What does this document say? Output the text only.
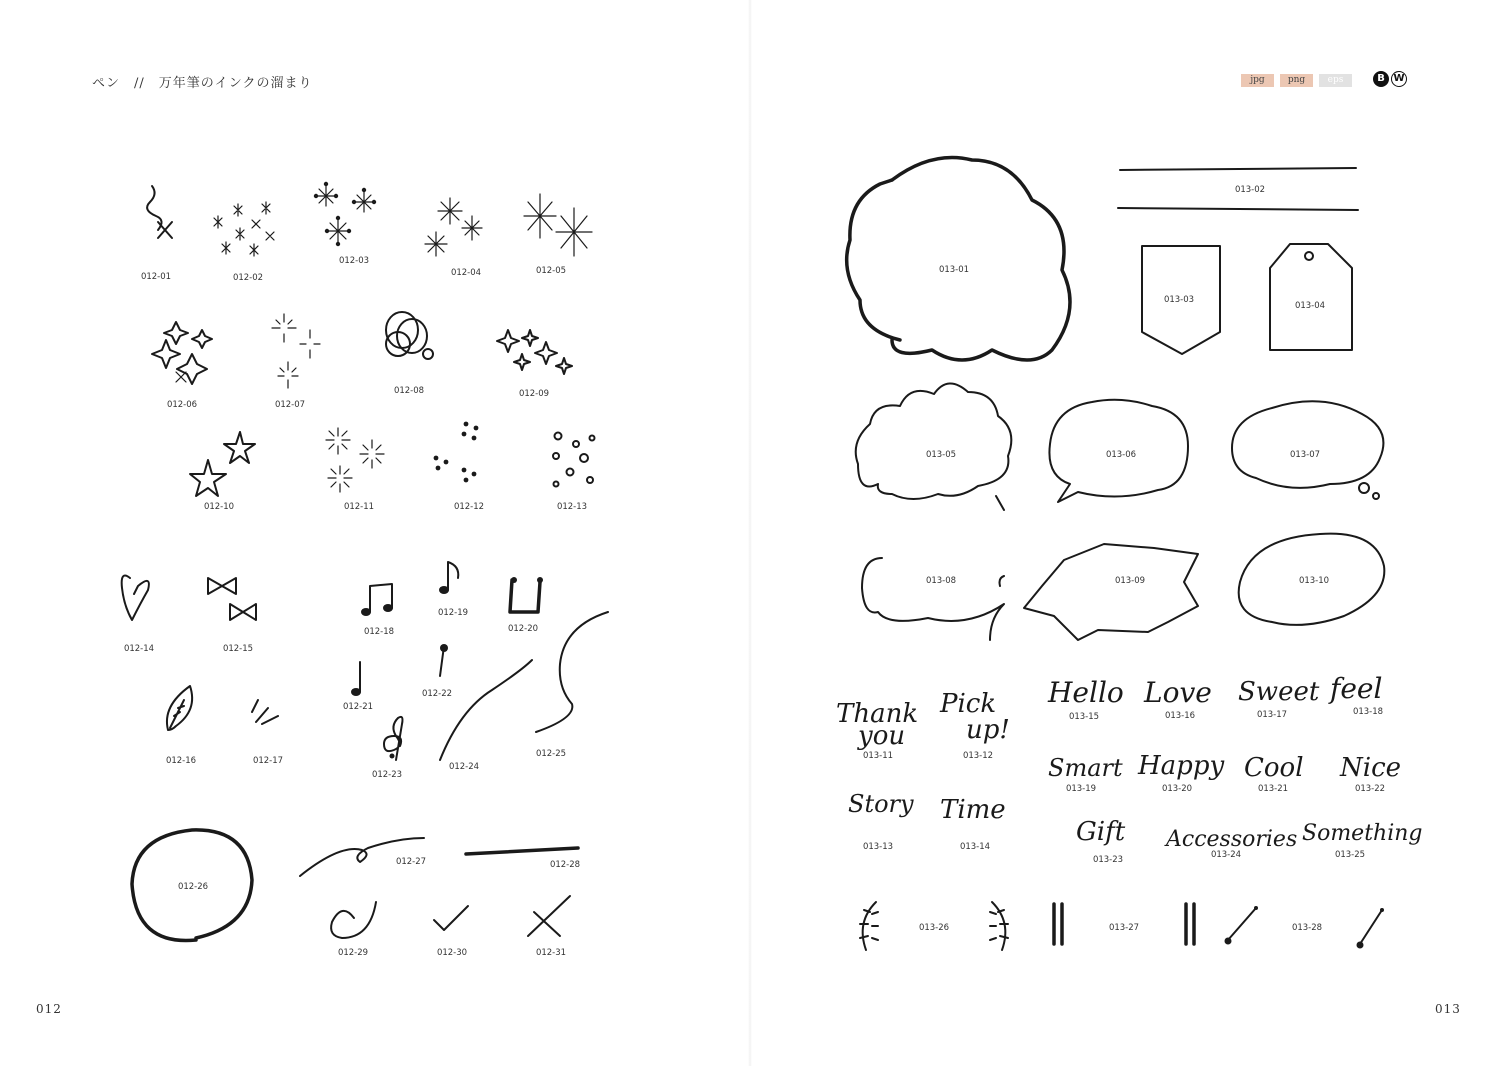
ペン　//　万年筆のインクの溜まり	jpg	png	eps	B W
012	013
Thank
you
Pick
up!
Story Time
Hello Love Sweet feel
Smart Happy Cool Nice
Gift Accessories Something
012-01	012-02
012-03
012-04	012-05
012-06	012-07
012-08	012-09
012-10	012-11	012-12	012-13
012-14	012-15
012-16	012-17
012-18
012-19
012-20
012-21
012-22
012-23
012-24
012-25
012-26
012-27	012-28
012-29	012-30	012-31
013-01
013-02
013-03
013-04
013-05	013-06	013-07
013-08	013-09	013-10
013-11	013-12
013-13	013-14
013-15	013-16	013-17	013-18
013-19	013-20	013-21	013-22
013-23	013-24	013-25
013-26	013-27	013-28
